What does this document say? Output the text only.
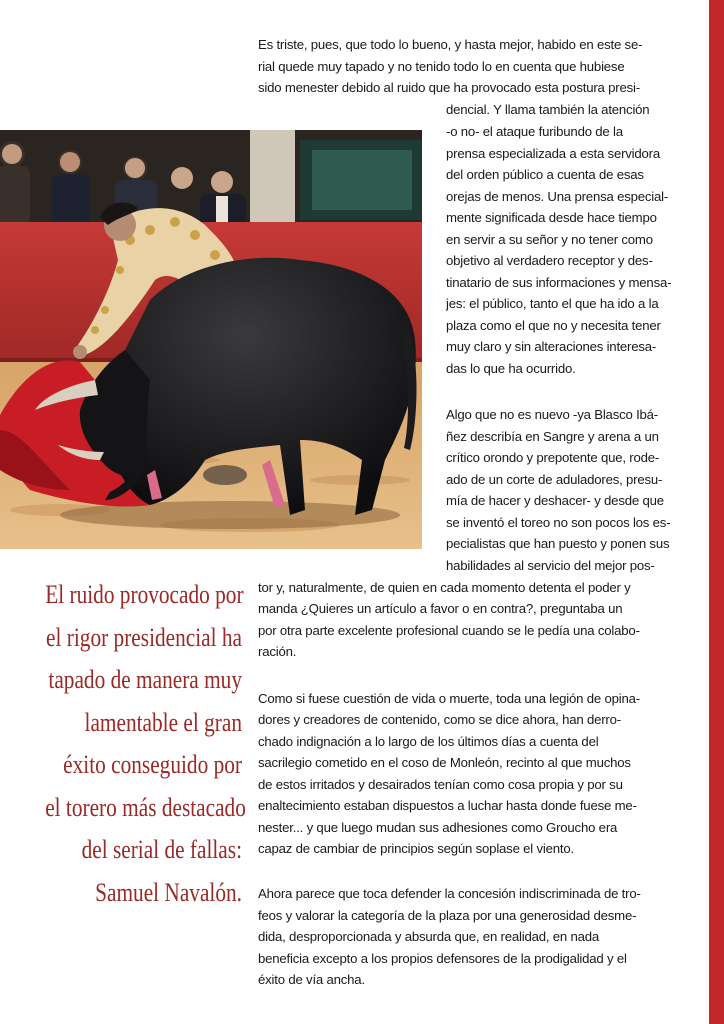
Es triste, pues, que todo lo bueno, y hasta mejor, habido en este se-
rial quede muy tapado y no tenido todo lo en cuenta que hubiese
sido menester debido al ruido que ha provocado esta postura presi-
dencial. Y llama también la atención
-o no- el ataque furibundo de la
prensa especializada a esta servidora
del orden público a cuenta de esas
orejas de menos. Una prensa especial-
mente significada desde hace tiempo
en servir a su señor y no tener como
objetivo al verdadero receptor y des-
tinatario de sus informaciones y mensa-
jes: el público, tanto el que ha ido a la
plaza como el que no y necesita tener
muy claro y sin alteraciones interesa-
das lo que ha ocurrido.
Algo que no es nuevo -ya Blasco Ibá-
ñez describía en Sangre y arena a un
crítico orondo y prepotente que, rode-
ado de un corte de aduladores, presu-
mía de hacer y deshacer- y desde que
se inventó el toreo no son pocos los es-
pecialistas que han puesto y ponen sus
habilidades al servicio del mejor pos-
tor y, naturalmente, de quien en cada momento detenta el poder y
manda ¿Quieres un artículo a favor o en contra?, preguntaba un
por otra parte excelente profesional cuando se le pedía una colabo-
ración.
Como si fuese cuestión de vida o muerte, toda una legión de opina-
dores y creadores de contenido, como se dice ahora, han derro-
chado indignación a lo largo de los últimos días a cuenta del
sacrilegio cometido en el coso de Monleón, recinto al que muchos
de estos irritados y desairados tenían como cosa propia y por su
enaltecimiento estaban dispuestos a luchar hasta donde fuese me-
nester... y que luego mudan sus adhesiones como Groucho era
capaz de cambiar de principios según soplase el viento.
Ahora parece que toca defender la concesión indiscriminada de tro-
feos y valorar la categoría de la plaza por una generosidad desme-
dida, desproporcionada y absurda que, en realidad, en nada
beneficia excepto a los propios defensores de la prodigalidad y el
éxito de vía ancha.
El ruido provocado por
el rigor presidencial ha
tapado de manera muy
lamentable el gran
éxito conseguido por
el torero más destacado
del serial de fallas:
Samuel Navalón.
